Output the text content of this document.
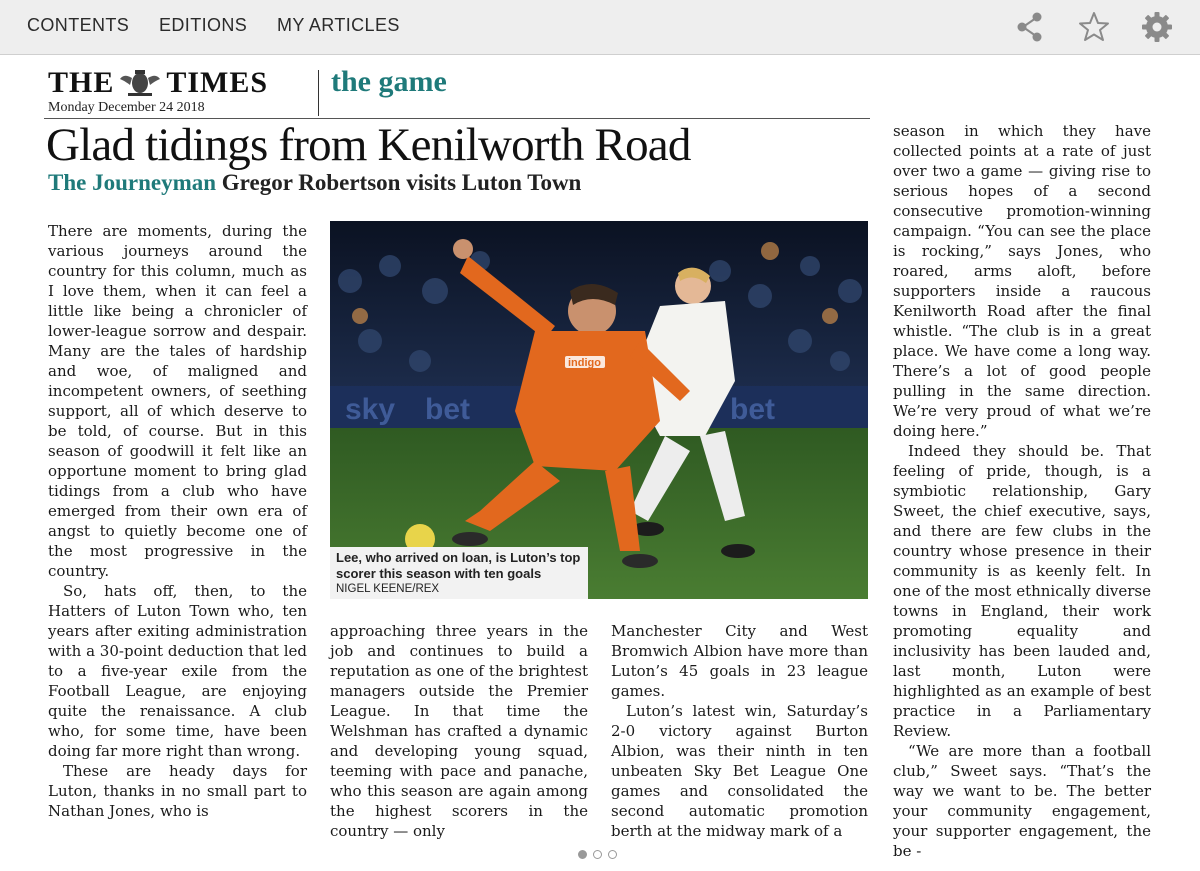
CONTENTS EDITIONS MY ARTICLES
THE TIMES
Monday December 24 2018
the game
Glad tidings from Kenilworth Road
The Journeyman Gregor Robertson visits Luton Town

There are moments, during the various journeys around the country for this column, much as I love them, when it can feel a little like being a chronicler of lower-league sorrow and despair. Many are the tales of hardship and woe, of maligned and incompetent owners, of seething support, all of which deserve to be told, of course. But in this season of goodwill it felt like an opportune moment to bring glad tidings from a club who have emerged from their own era of angst to quietly become one of the most progressive in the country.

So, hats off, then, to the Hatters of Luton Town who, ten years after exiting administration with a 30-point deduction that led to a five-year exile from the Football League, are enjoying quite the renaissance. A club who, for some time, have been doing far more right than wrong.

These are heady days for Luton, thanks in no small part to Nathan Jones, who is

sky bet	bet
indigo
Lee, who arrived on loan, is Luton’s top scorer this season with ten goals
NIGEL KEENE/REX

approaching three years in the job and continues to build a reputation as one of the brightest managers outside the Premier League. In that time the Welshman has crafted a dynamic and developing young squad, teeming with pace and panache, who this season are again among the highest scorers in the country — only

Manchester City and West Bromwich Albion have more than Luton’s 45 goals in 23 league games.

Luton’s latest win, Saturday’s 2-0 victory against Burton Albion, was their ninth in ten unbeaten Sky Bet League One games and consolidated the second automatic promotion berth at the midway mark of a

season in which they have collected points at a rate of just over two a game — giving rise to serious hopes of a second consecutive promotion-winning campaign. “You can see the place is rocking,” says Jones, who roared, arms aloft, before supporters inside a raucous Kenilworth Road after the final whistle. “The club is in a great place. We have come a long way. There’s a lot of good people pulling in the same direction. We’re very proud of what we’re doing here.”

Indeed they should be. That feeling of pride, though, is a symbiotic relationship, Gary Sweet, the chief executive, says, and there are few clubs in the country whose presence in their community is as keenly felt. In one of the most ethnically diverse towns in England, their work promoting equality and inclusivity has been lauded and, last month, Luton were highlighted as an example of best practice in a Parliamentary Review.

“We are more than a football club,” Sweet says. “That’s the way we want to be. The better your community engagement, your supporter engagement, the be -
